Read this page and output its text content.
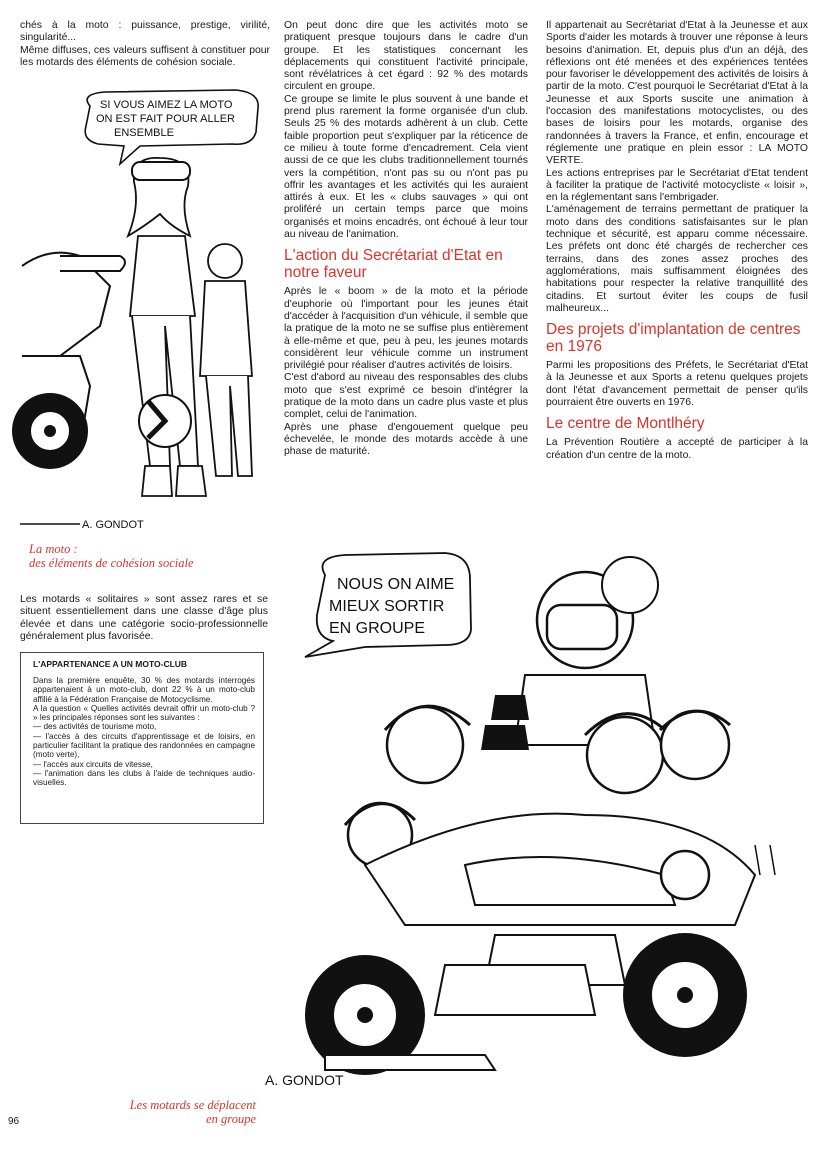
chés à la moto : puissance, prestige, virilité, singularité...

Même diffuses, ces valeurs suffisent à constituer pour les motards des éléments de cohésion sociale.

SI VOUS AIMEZ LA MOTO
ON EST FAIT POUR ALLER
ENSEMBLE
A. GONDOT
La moto :
des éléments de cohésion sociale

Les motards « solitaires » sont assez rares et se situent essentiellement dans une classe d'âge plus élevée et dans une catégorie socio-professionnelle généralement plus favorisée.

L'APPARTENANCE A UN MOTO-CLUB

Dans la première enquête, 30 % des motards interrogés appartenaient à un moto-club, dont 22 % à un moto-club affilié à la Fédération Française de Motocyclisme.

A la question « Quelles activités devrait offrir un moto-club ? » les principales réponses sont les suivantes :

— des activités de tourisme moto,
— l'accès à des circuits d'apprentissage et de loisirs, en particulier facilitant la pratique des randonnées en campagne (moto verte),
— l'accès aux circuits de vitesse,
— l'animation dans les clubs à l'aide de techniques audio-visuelles.

On peut donc dire que les activités moto se pratiquent presque toujours dans le cadre d'un groupe. Et les statistiques concernant les déplacements qui constituent l'activité principale, sont révélatrices à cet égard : 92 % des motards circulent en groupe.

Ce groupe se limite le plus souvent à une bande et prend plus rarement la forme organisée d'un club. Seuls 25 % des motards adhèrent à un club. Cette faible proportion peut s'expliquer par la réticence de ce milieu à toute forme d'encadrement. Cela vient aussi de ce que les clubs traditionnellement tournés vers la compétition, n'ont pas su ou n'ont pas pu offrir les avantages et les activités qui les auraient attirés à eux. Et les « clubs sauvages » qui ont proliféré un certain temps parce que moins organisés et moins encadrés, ont échoué à leur tour au niveau de l'animation.

L'action du Secrétariat d'Etat en notre faveur

Après le « boom » de la moto et la période d'euphorie où l'important pour les jeunes était d'accéder à l'acquisition d'un véhicule, il semble que la pratique de la moto ne se suffise plus entièrement à elle-même et que, peu à peu, les jeunes motards considèrent leur véhicule comme un instrument privilégié pour réaliser d'autres activités de loisirs.

C'est d'abord au niveau des responsables des clubs moto que s'est exprimé ce besoin d'intégrer la pratique de la moto dans un cadre plus vaste et plus complet, celui de l'animation.

Après une phase d'engouement quelque peu échevelée, le monde des motards accède à une phase de maturité.

Il appartenait au Secrétariat d'Etat à la Jeunesse et aux Sports d'aider les motards à trouver une réponse à leurs besoins d'animation. Et, depuis plus d'un an déjà, des réflexions ont été menées et des expériences tentées pour favoriser le développement des activités de loisirs à partir de la moto. C'est pourquoi le Secrétariat d'Etat à la Jeunesse et aux Sports suscite une animation à l'occasion des manifestations motocyclistes, ou des bases de loisirs pour les motards, organise des randonnées à travers la France, et enfin, encourage et réglemente une pratique en plein essor : LA MOTO VERTE.

Les actions entreprises par le Secrétariat d'Etat tendent à faciliter la pratique de l'activité motocycliste « loisir », en la réglementant sans l'embrigader.

L'aménagement de terrains permettant de pratiquer la moto dans des conditions satisfaisantes sur le plan technique et sécurité, est apparu comme nécessaire. Les préfets ont donc été chargés de rechercher ces terrains, dans des zones assez proches des agglomérations, mais suffisamment éloignées des habitations pour respecter la relative tranquillité des citadins. Et surtout éviter les coups de fusil malheureux...

Des projets d'implantation de centres en 1976

Parmi les propositions des Préfets, le Secrétariat d'Etat à la Jeunesse et aux Sports a retenu quelques projets dont l'état d'avancement permettait de penser qu'ils pourraient être ouverts en 1976.

Le centre de Montlhéry

La Prévention Routière a accepté de participer à la création d'un centre de la moto.

NOUS ON AIME
MIEUX SORTIR
EN GROUPE
A. GONDOT
Les motards se déplacent
en groupe
96
